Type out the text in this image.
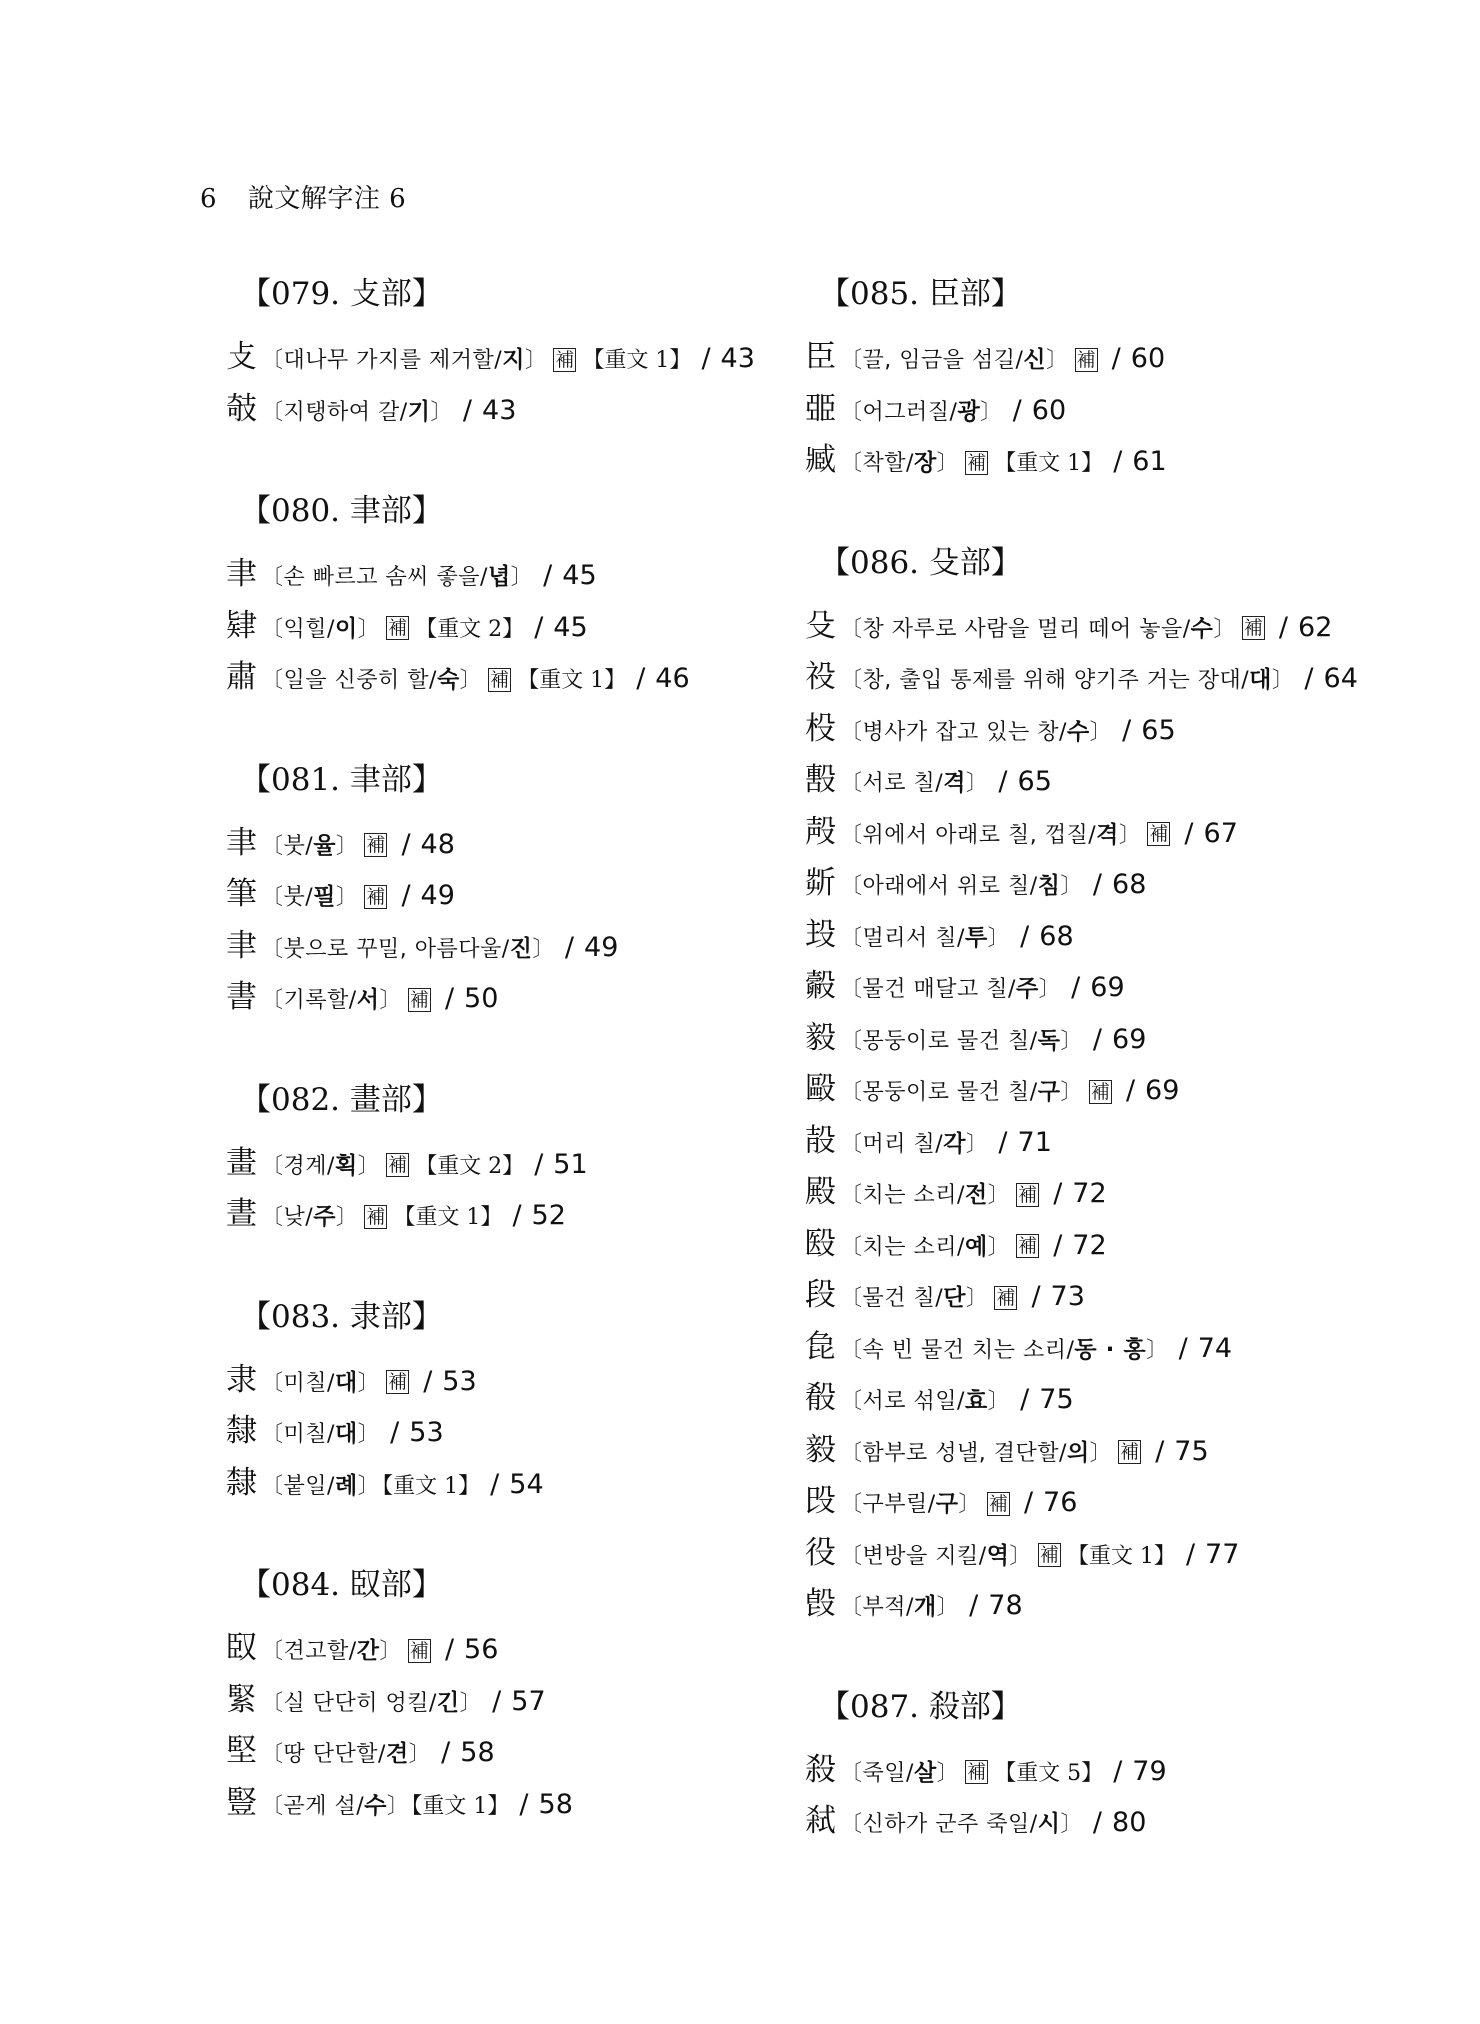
6 說文解字注 6
【079. 攴部】
攴 〔대나무 가지를 제거할/지〕 補 【重文 1】 / 43
攲 〔지탱하여 갈/기〕 / 43
【080. 聿部】
聿 〔손 빠르고 솜씨 좋을/녑〕 / 45
肄 〔익힐/이〕 補 【重文 2】 / 45
肅 〔일을 신중히 할/숙〕 補 【重文 1】 / 46
【081. 聿部】
聿 〔붓/율〕 補 / 48
筆 〔붓/필〕 補 / 49
聿 〔붓으로 꾸밀, 아름다울/진〕 / 49
書 〔기록할/서〕 補 / 50
【082. 畫部】
畫 〔경계/획〕 補 【重文 2】 / 51
晝 〔낮/주〕 補 【重文 1】 / 52
【083. 隶部】
隶 〔미칠/대〕 補 / 53
隸 〔미칠/대〕 / 53
隸 〔붙일/례〕【重文 1】 / 54
【084. 臤部】
臤 〔견고할/간〕 補 / 56
緊 〔실 단단히 엉킬/긴〕 / 57
堅 〔땅 단단할/견〕 / 58
豎 〔곧게 설/수〕【重文 1】 / 58
【085. 臣部】
臣 〔끌, 임금을 섬길/신〕 補 / 60
臦 〔어그러질/광〕 / 60
臧 〔착할/장〕 補 【重文 1】 / 61
【086. 殳部】
殳 〔창 자루로 사람을 멀리 떼어 놓을/수〕 補 / 62
祋 〔창, 출입 통제를 위해 양기주 거는 장대/대〕 / 64
杸 〔병사가 잡고 있는 창/수〕 / 65
毄 〔서로 칠/격〕 / 65
殸 〔위에서 아래로 칠, 껍질/격〕 補 / 67
㪿 〔아래에서 위로 칠/침〕 / 68
殶 〔멀리서 칠/투〕 / 68
㲉 〔물건 매달고 칠/주〕 / 69
毅 〔몽둥이로 물건 칠/독〕 / 69
毆 〔몽둥이로 물건 칠/구〕 補 / 69
㱿 〔머리 칠/각〕 / 71
殿 〔치는 소리/전〕 補 / 72
殹 〔치는 소리/예〕 補 / 72
段 〔물건 칠/단〕 補 / 73
㲋 〔속 빈 물건 치는 소리/동 · 홍〕 / 74
殽 〔서로 섞일/효〕 / 75
毅 〔함부로 성낼, 결단할/의〕 補 / 75
㱼 〔구부릴/구〕 補 / 76
役 〔변방을 지킬/역〕 補 【重文 1】 / 77
㲃 〔부적/개〕 / 78
【087. 殺部】
殺 〔죽일/살〕 補 【重文 5】 / 79
弒 〔신하가 군주 죽일/시〕 / 80
